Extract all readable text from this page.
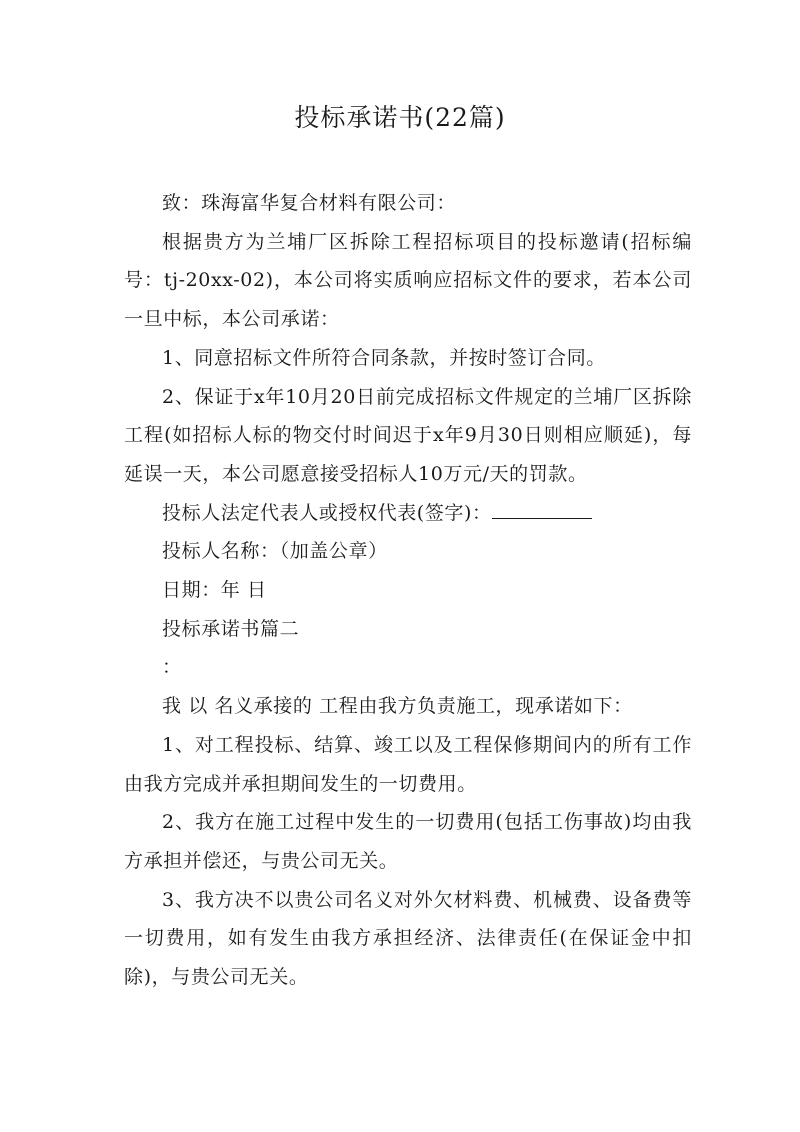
投标承诺书(22篇)

致：珠海富华复合材料有限公司：

根据贵方为兰埔厂区拆除工程招标项目的投标邀请(招标编号：tj-20xx-02)，本公司将实质响应招标文件的要求，若本公司一旦中标，本公司承诺：

1、同意招标文件所符合同条款，并按时签订合同。

2、保证于x年10月20日前完成招标文件规定的兰埔厂区拆除工程(如招标人标的物交付时间迟于x年9月30日则相应顺延)，每延误一天，本公司愿意接受招标人10万元/天的罚款。

投标人法定代表人或授权代表(签字)：

投标人名称：（加盖公章）

日期：年 日

投标承诺书篇二

：

我 以 名义承接的 工程由我方负责施工，现承诺如下：

1、对工程投标、结算、竣工以及工程保修期间内的所有工作由我方完成并承担期间发生的一切费用。

2、我方在施工过程中发生的一切费用(包括工伤事故)均由我方承担并偿还，与贵公司无关。

3、我方决不以贵公司名义对外欠材料费、机械费、设备费等一切费用，如有发生由我方承担经济、法律责任(在保证金中扣除)，与贵公司无关。
